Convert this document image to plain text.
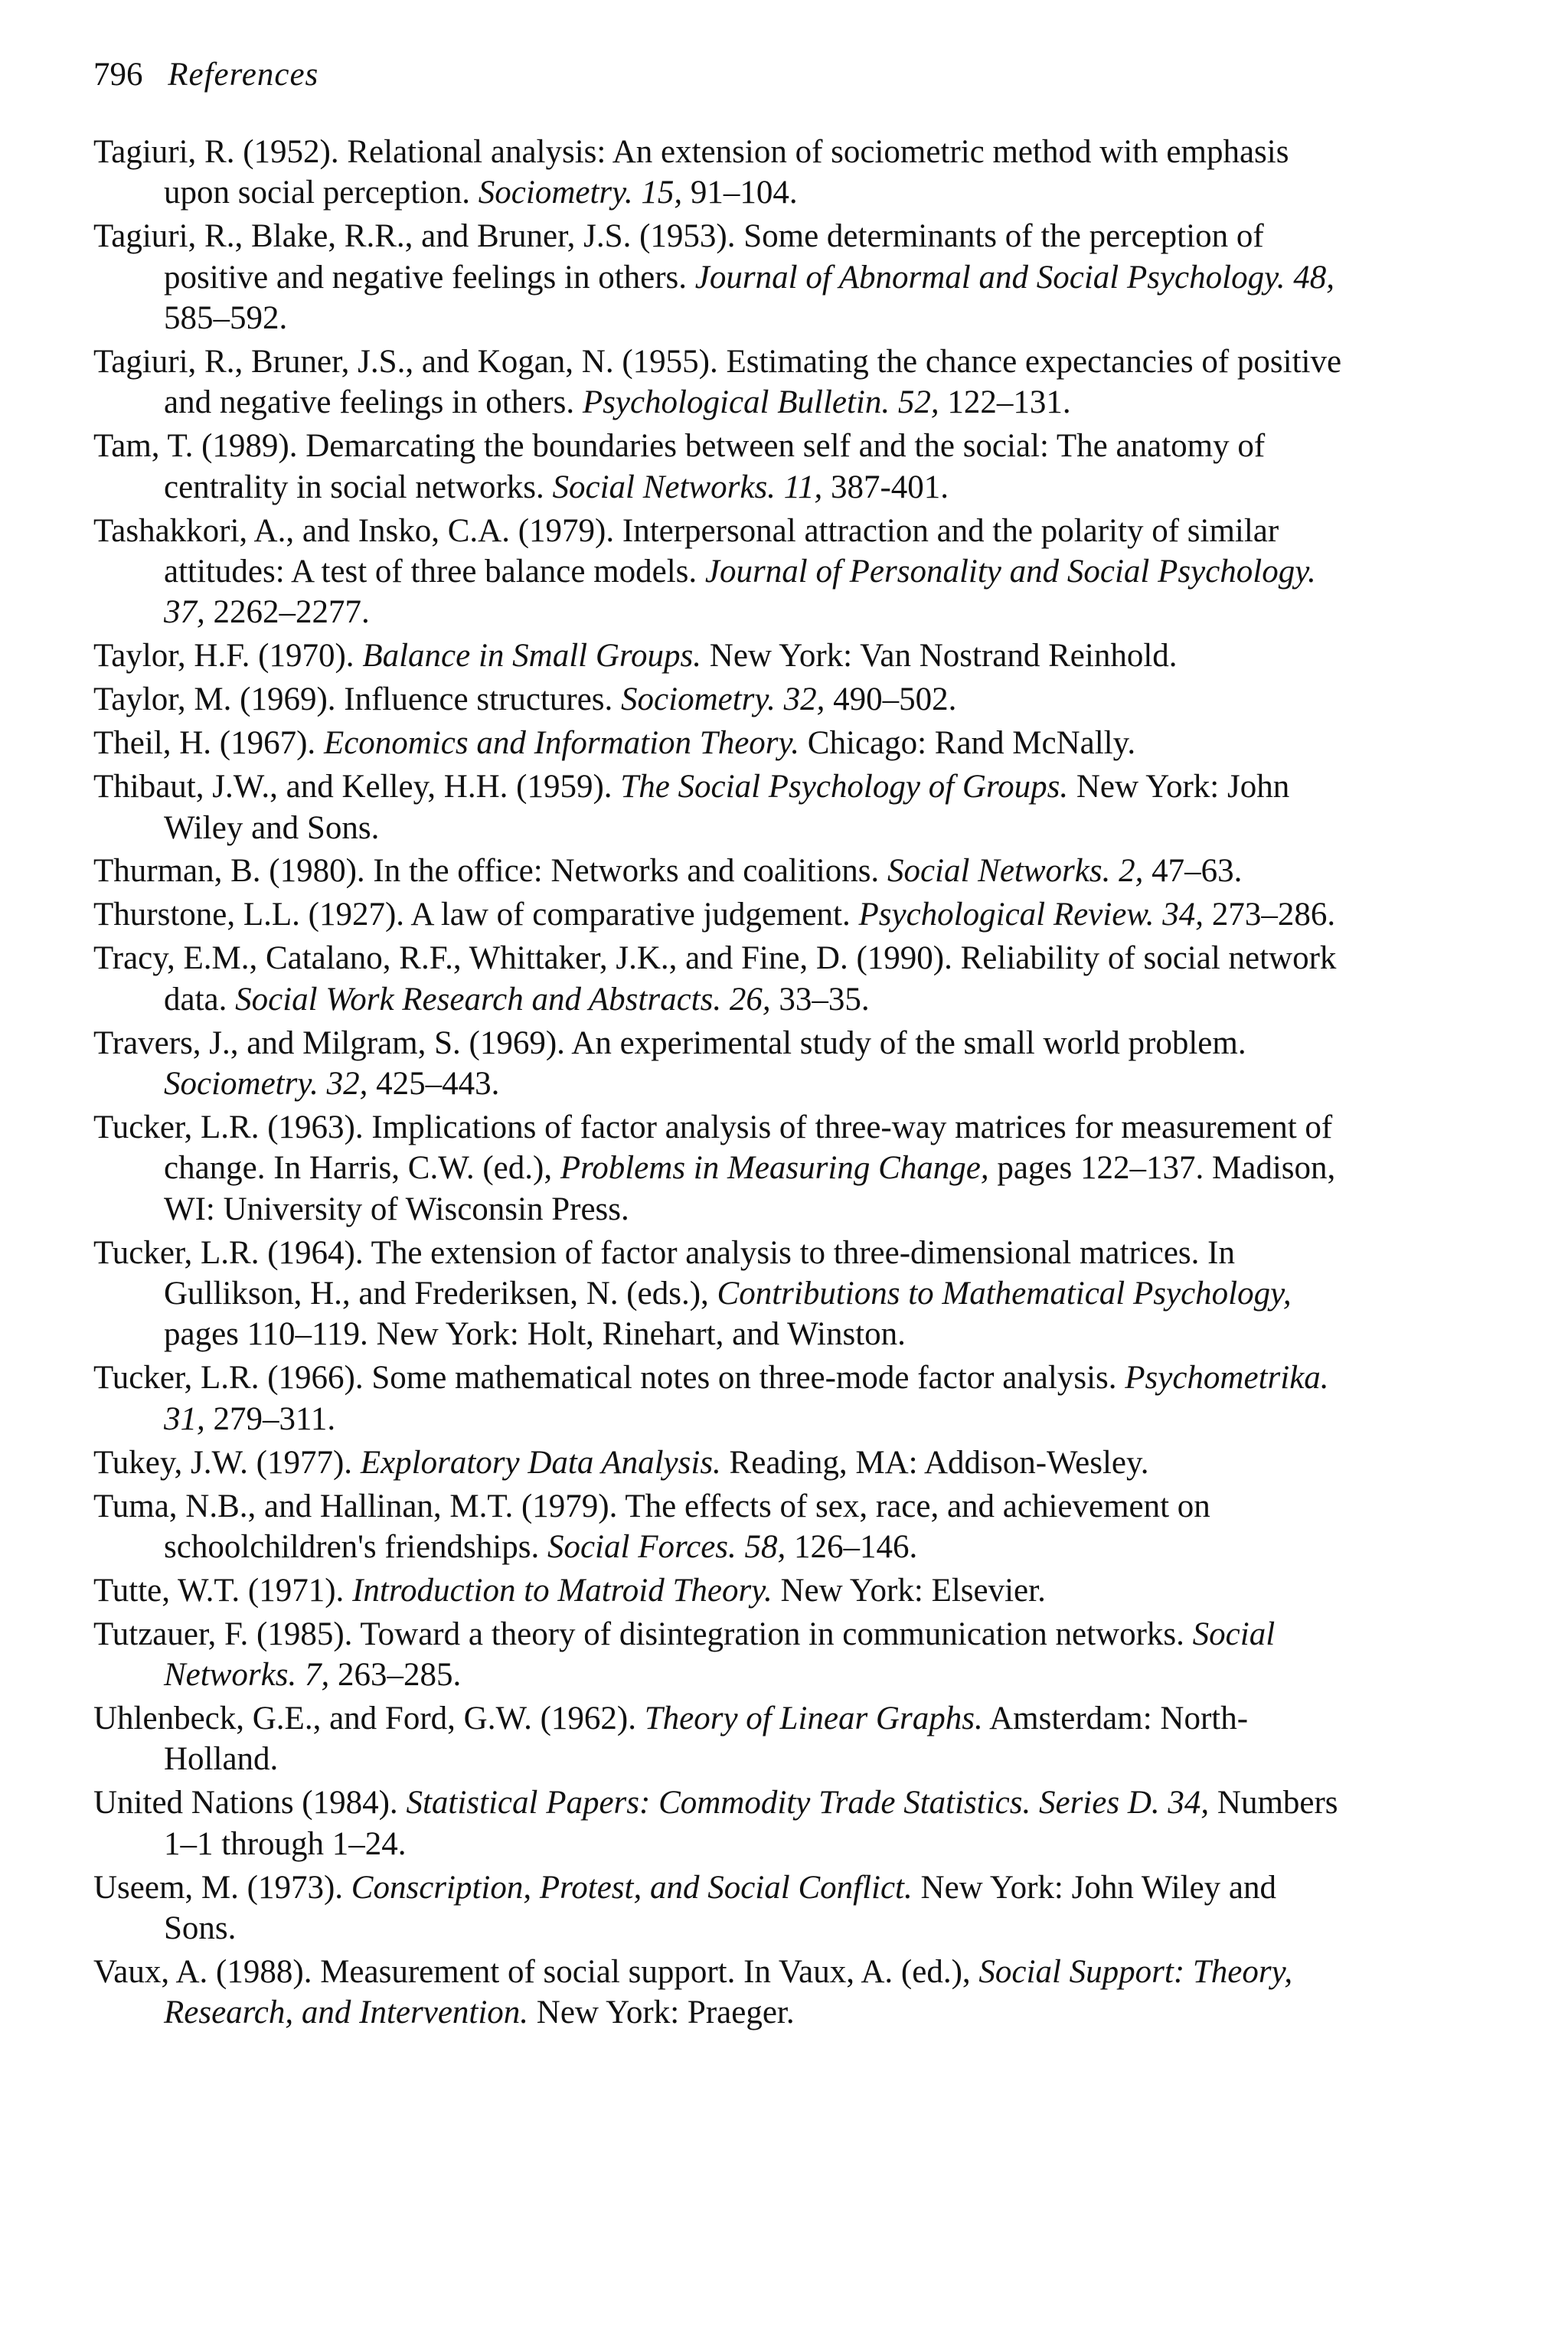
796 References
Tagiuri, R. (1952). Relational analysis: An extension of sociometric method with emphasis upon social perception. Sociometry. 15, 91–104.
Tagiuri, R., Blake, R.R., and Bruner, J.S. (1953). Some determinants of the perception of positive and negative feelings in others. Journal of Abnormal and Social Psychology. 48, 585–592.
Tagiuri, R., Bruner, J.S., and Kogan, N. (1955). Estimating the chance expectancies of positive and negative feelings in others. Psychological Bulletin. 52, 122–131.
Tam, T. (1989). Demarcating the boundaries between self and the social: The anatomy of centrality in social networks. Social Networks. 11, 387-401.
Tashakkori, A., and Insko, C.A. (1979). Interpersonal attraction and the polarity of similar attitudes: A test of three balance models. Journal of Personality and Social Psychology. 37, 2262–2277.
Taylor, H.F. (1970). Balance in Small Groups. New York: Van Nostrand Reinhold.
Taylor, M. (1969). Influence structures. Sociometry. 32, 490–502.
Theil, H. (1967). Economics and Information Theory. Chicago: Rand McNally.
Thibaut, J.W., and Kelley, H.H. (1959). The Social Psychology of Groups. New York: John Wiley and Sons.
Thurman, B. (1980). In the office: Networks and coalitions. Social Networks. 2, 47–63.
Thurstone, L.L. (1927). A law of comparative judgement. Psychological Review. 34, 273–286.
Tracy, E.M., Catalano, R.F., Whittaker, J.K., and Fine, D. (1990). Reliability of social network data. Social Work Research and Abstracts. 26, 33–35.
Travers, J., and Milgram, S. (1969). An experimental study of the small world problem. Sociometry. 32, 425–443.
Tucker, L.R. (1963). Implications of factor analysis of three-way matrices for measurement of change. In Harris, C.W. (ed.), Problems in Measuring Change, pages 122–137. Madison, WI: University of Wisconsin Press.
Tucker, L.R. (1964). The extension of factor analysis to three-dimensional matrices. In Gullikson, H., and Frederiksen, N. (eds.), Contributions to Mathematical Psychology, pages 110–119. New York: Holt, Rinehart, and Winston.
Tucker, L.R. (1966). Some mathematical notes on three-mode factor analysis. Psychometrika. 31, 279–311.
Tukey, J.W. (1977). Exploratory Data Analysis. Reading, MA: Addison-Wesley.
Tuma, N.B., and Hallinan, M.T. (1979). The effects of sex, race, and achievement on schoolchildren's friendships. Social Forces. 58, 126–146.
Tutte, W.T. (1971). Introduction to Matroid Theory. New York: Elsevier.
Tutzauer, F. (1985). Toward a theory of disintegration in communication networks. Social Networks. 7, 263–285.
Uhlenbeck, G.E., and Ford, G.W. (1962). Theory of Linear Graphs. Amsterdam: North-Holland.
United Nations (1984). Statistical Papers: Commodity Trade Statistics. Series D. 34, Numbers 1–1 through 1–24.
Useem, M. (1973). Conscription, Protest, and Social Conflict. New York: John Wiley and Sons.
Vaux, A. (1988). Measurement of social support. In Vaux, A. (ed.), Social Support: Theory, Research, and Intervention. New York: Praeger.
